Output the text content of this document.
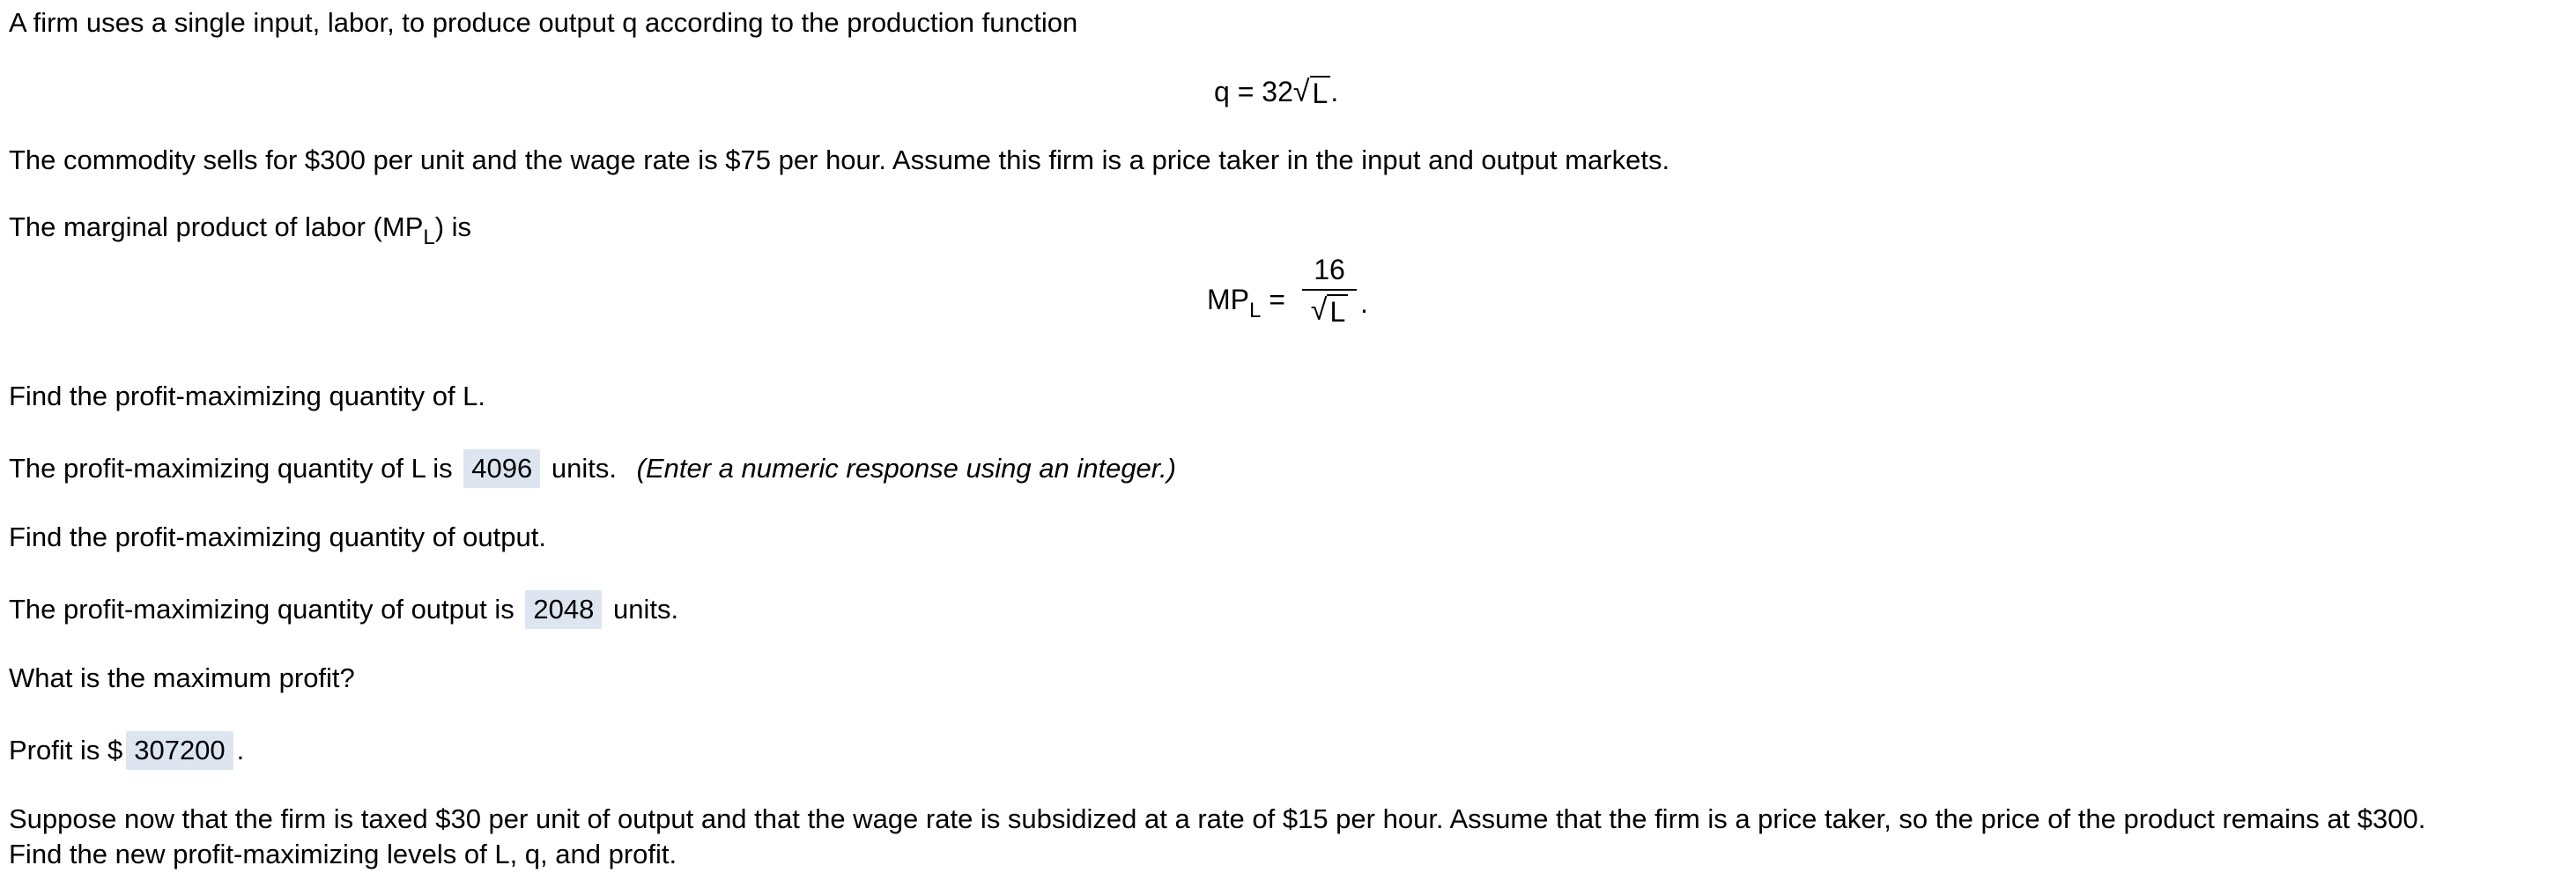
A firm uses a single input, labor, to produce output q according to the production function
q = 32 √ L .
The commodity sells for $300 per unit and the wage rate is $75 per hour. Assume this firm is a price taker in the input and output markets.
The marginal product of labor $(MP_L)$ is
$MP_L$ =
16
√ L .
Find the profit-maximizing quantity of L.
The profit-maximizing quantity of L is 4096 units. (Enter a numeric response using an integer.)
Find the profit-maximizing quantity of output.
The profit-maximizing quantity of output is 2048 units.
What is the maximum profit?
Profit is $ 307200 .
Suppose now that the firm is taxed $30 per unit of output and that the wage rate is subsidized at a rate of $15 per hour. Assume that the firm is a price taker, so the price of the product remains at $300.
Find the new profit-maximizing levels of L, q, and profit.
